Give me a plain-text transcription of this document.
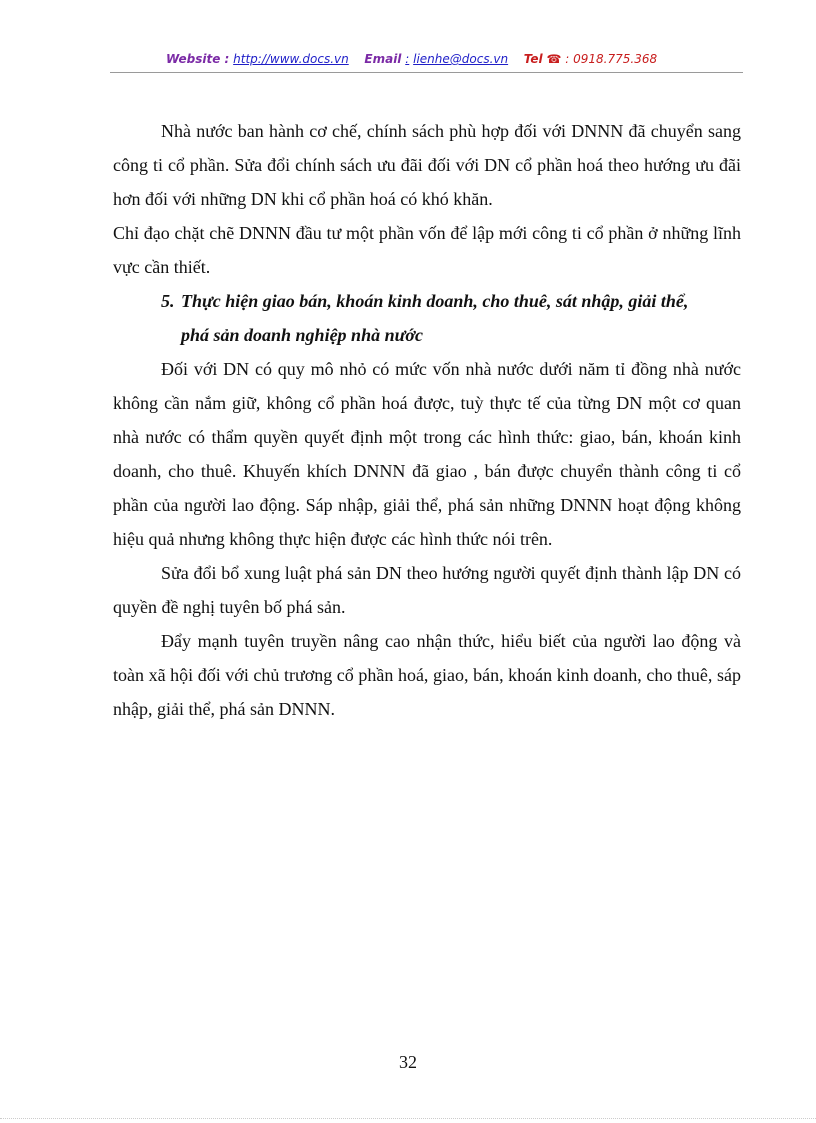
Website : http://www.docs.vn Email : lienhe@docs.vn Tel ☎ : 0918.775.368

Nhà nước ban hành cơ chế, chính sách phù hợp đối với DNNN đã chuyển sang công ti cổ phần. Sửa đổi chính sách ưu đãi đối với DN cổ phần hoá theo hướng ưu đãi hơn đối với những DN khi cổ phần hoá có khó khăn.

Chỉ đạo chặt chẽ DNNN đầu tư một phần vốn để lập mới công ti cổ phần ở những lĩnh vực cần thiết.

5. Thực hiện giao bán, khoán kinh doanh, cho thuê, sát nhập, giải thể,
phá sản doanh nghiệp nhà nước

Đối với DN có quy mô nhỏ có mức vốn nhà nước dưới năm tỉ đồng nhà nước không cần nắm giữ, không cổ phần hoá được, tuỳ thực tế của từng DN một cơ quan nhà nước có thẩm quyền quyết định một trong các hình thức: giao, bán, khoán kinh doanh, cho thuê. Khuyến khích DNNN đã giao , bán được chuyển thành công ti cổ phần của người lao động. Sáp nhập, giải thể, phá sản những DNNN hoạt động không hiệu quả nhưng không thực hiện được các hình thức nói trên.

Sửa đổi bổ xung luật phá sản DN theo hướng người quyết định thành lập DN có quyền đề nghị tuyên bố phá sản.

Đẩy mạnh tuyên truyền nâng cao nhận thức, hiểu biết của người lao động và toàn xã hội đối với chủ trương cổ phần hoá, giao, bán, khoán kinh doanh, cho thuê, sáp nhập, giải thể, phá sản DNNN.

32
